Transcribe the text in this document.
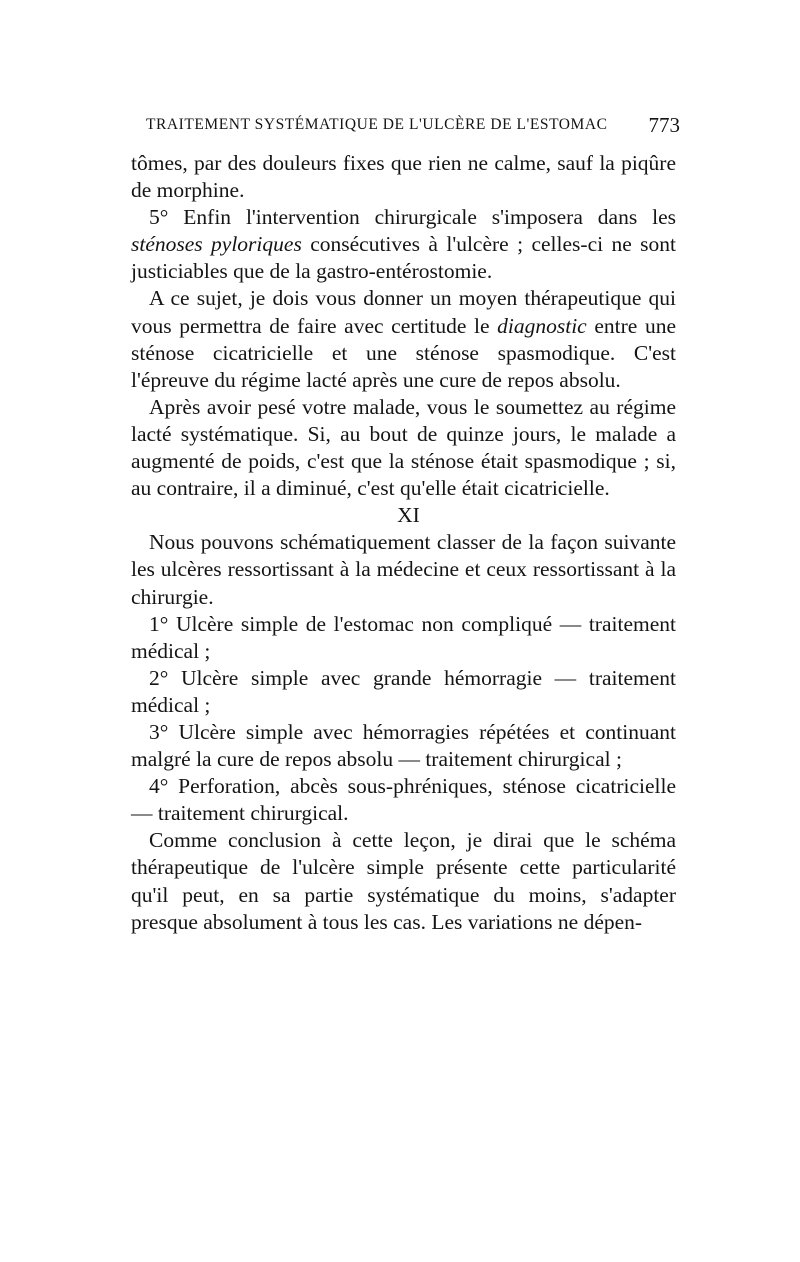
TRAITEMENT SYSTÉMATIQUE DE L'ULCÈRE DE L'ESTOMAC 773

tômes, par des douleurs fixes que rien ne calme, sauf la piqûre de morphine.

5° Enfin l'intervention chirurgicale s'imposera dans les sténoses pyloriques consécutives à l'ulcère ; celles-ci ne sont justiciables que de la gastro-entérostomie.

A ce sujet, je dois vous donner un moyen thérapeutique qui vous permettra de faire avec certitude le diagnostic entre une sténose cicatricielle et une sténose spasmodique. C'est l'épreuve du régime lacté après une cure de repos absolu.

Après avoir pesé votre malade, vous le soumettez au régime lacté systématique. Si, au bout de quinze jours, le malade a augmenté de poids, c'est que la sténose était spasmodique ; si, au contraire, il a diminué, c'est qu'elle était cicatricielle.

XI

Nous pouvons schématiquement classer de la façon suivante les ulcères ressortissant à la médecine et ceux ressortissant à la chirurgie.

1° Ulcère simple de l'estomac non compliqué — traitement médical ;

2° Ulcère simple avec grande hémorragie — traitement médical ;

3° Ulcère simple avec hémorragies répétées et continuant malgré la cure de repos absolu — traitement chirurgical ;

4° Perforation, abcès sous-phréniques, sténose cicatricielle — traitement chirurgical.

Comme conclusion à cette leçon, je dirai que le schéma thérapeutique de l'ulcère simple présente cette particularité qu'il peut, en sa partie systématique du moins, s'adapter presque absolument à tous les cas. Les variations ne dépen-
